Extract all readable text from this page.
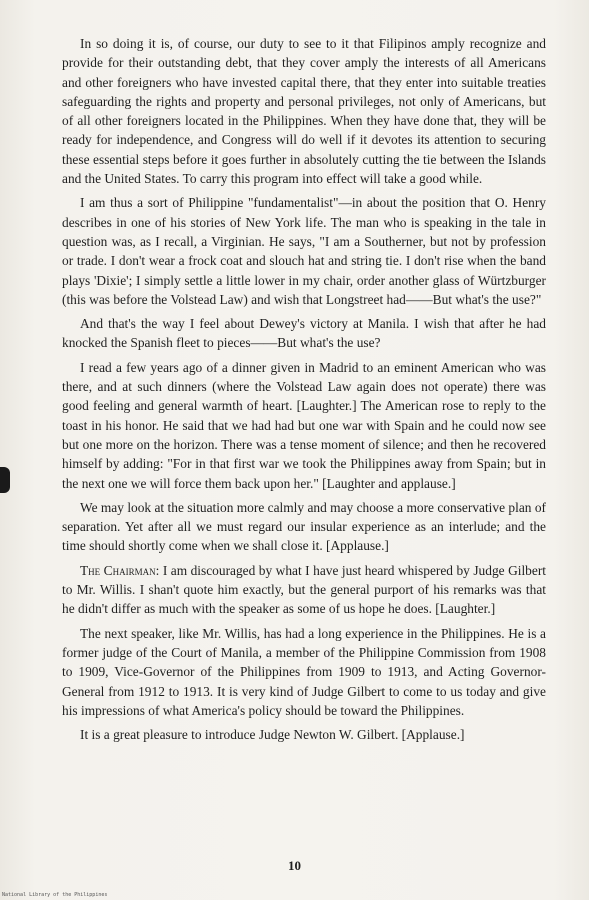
In so doing it is, of course, our duty to see to it that Filipinos amply recognize and provide for their outstanding debt, that they cover amply the interests of all Americans and other foreigners who have invested capital there, that they enter into suitable treaties safeguarding the rights and property and personal privileges, not only of Americans, but of all other foreigners located in the Philippines. When they have done that, they will be ready for independence, and Congress will do well if it devotes its attention to securing these essential steps before it goes further in absolutely cutting the tie between the Islands and the United States. To carry this program into effect will take a good while.

I am thus a sort of Philippine "fundamentalist"—in about the position that O. Henry describes in one of his stories of New York life. The man who is speaking in the tale in question was, as I recall, a Virginian. He says, "I am a Southerner, but not by profession or trade. I don't wear a frock coat and slouch hat and string tie. I don't rise when the band plays 'Dixie'; I simply settle a little lower in my chair, order another glass of Würtzburger (this was before the Volstead Law) and wish that Longstreet had——But what's the use?"

And that's the way I feel about Dewey's victory at Manila. I wish that after he had knocked the Spanish fleet to pieces——But what's the use?

I read a few years ago of a dinner given in Madrid to an eminent American who was there, and at such dinners (where the Volstead Law again does not operate) there was good feeling and general warmth of heart. [Laughter.] The American rose to reply to the toast in his honor. He said that we had had but one war with Spain and he could now see but one more on the horizon. There was a tense moment of silence; and then he recovered himself by adding: "For in that first war we took the Philippines away from Spain; but in the next one we will force them back upon her." [Laughter and applause.]

We may look at the situation more calmly and may choose a more conservative plan of separation. Yet after all we must regard our insular experience as an interlude; and the time should shortly come when we shall close it. [Applause.]

The Chairman: I am discouraged by what I have just heard whispered by Judge Gilbert to Mr. Willis. I shan't quote him exactly, but the general purport of his remarks was that he didn't differ as much with the speaker as some of us hope he does. [Laughter.]

The next speaker, like Mr. Willis, has had a long experience in the Philippines. He is a former judge of the Court of Manila, a member of the Philippine Commission from 1908 to 1909, Vice-Governor of the Philippines from 1909 to 1913, and Acting Governor-General from 1912 to 1913. It is very kind of Judge Gilbert to come to us today and give his impressions of what America's policy should be toward the Philippines.

It is a great pleasure to introduce Judge Newton W. Gilbert. [Applause.]

10
National Library of the Philippines
